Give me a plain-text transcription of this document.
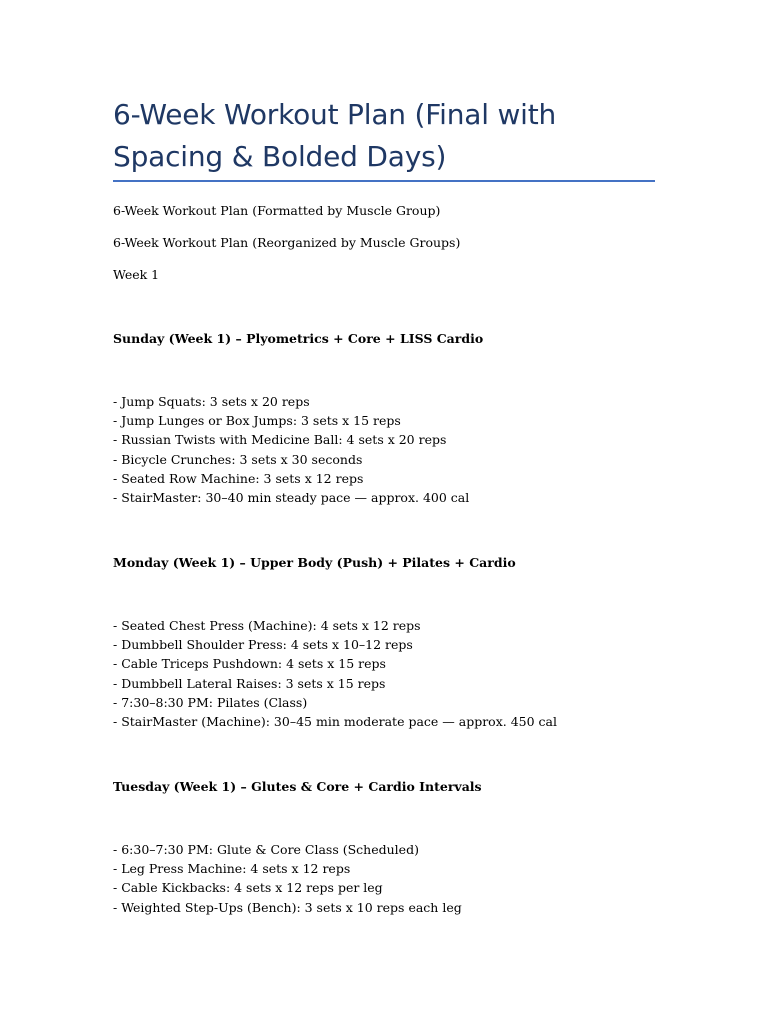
6-Week Workout Plan (Final with Spacing & Bolded Days)

6-Week Workout Plan (Formatted by Muscle Group)

6-Week Workout Plan (Reorganized by Muscle Groups)

Week 1

Sunday (Week 1) – Plyometrics + Core + LISS Cardio

- Jump Squats: 3 sets x 20 reps
- Jump Lunges or Box Jumps: 3 sets x 15 reps
- Russian Twists with Medicine Ball: 4 sets x 20 reps
- Bicycle Crunches: 3 sets x 30 seconds
- Seated Row Machine: 3 sets x 12 reps
- StairMaster: 30–40 min steady pace — approx. 400 cal

Monday (Week 1) – Upper Body (Push) + Pilates + Cardio

- Seated Chest Press (Machine): 4 sets x 12 reps
- Dumbbell Shoulder Press: 4 sets x 10–12 reps
- Cable Triceps Pushdown: 4 sets x 15 reps
- Dumbbell Lateral Raises: 3 sets x 15 reps
- 7:30–8:30 PM: Pilates (Class)
- StairMaster (Machine): 30–45 min moderate pace — approx. 450 cal

Tuesday (Week 1) – Glutes & Core + Cardio Intervals

- 6:30–7:30 PM: Glute & Core Class (Scheduled)
- Leg Press Machine: 4 sets x 12 reps
- Cable Kickbacks: 4 sets x 12 reps per leg
- Weighted Step-Ups (Bench): 3 sets x 10 reps each leg
